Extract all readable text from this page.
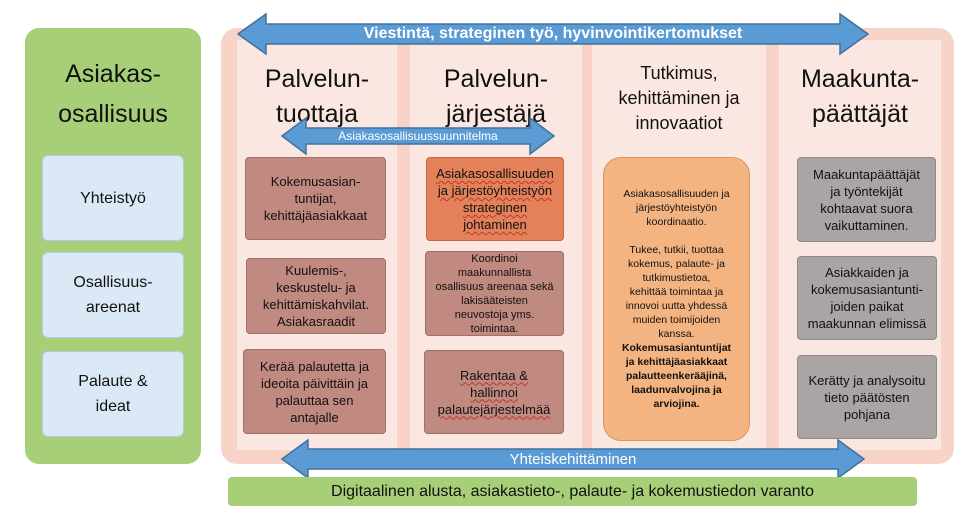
Asiakas-
osallisuus
Yhteistyö
Osallisuus-
areenat
Palaute &
ideat
Palvelun-
tuottaja
Palvelun-
järjestäjä
Tutkimus,
kehittäminen ja
innovaatiot
Maakunta-
päättäjät
Viestintä, strateginen työ, hyvinvointikertomukset
Asiakasosallisuussuunnitelma
Kokemusasian-
tuntijat,
kehittäjäasiakkaat
Kuulemis-,
keskustelu- ja
kehittämiskahvilat.
Asiakasraadit
Kerää palautetta ja
ideoita päivittäin ja
palauttaa sen
antajalle
Asiakasosallisuuden
ja järjestöyhteistyön
strateginen
johtaminen
Koordinoi
maakunnallista
osallisuus areenaa sekä
lakisääteisten
neuvostoja yms.
toimintaa.
Rakentaa &
hallinnoi
palautejärjestelmää
Asiakasosallisuuden ja
järjestöyhteistyön
koordinaatio.
Tukee, tutkii, tuottaa
kokemus, palaute- ja
tutkimustietoa,
kehittää toimintaa ja
innovoi uutta yhdessä
muiden toimijoiden
kanssa.
Kokemusasiantuntijat
ja kehittäjäasiakkaat
palautteenkerääjinä,
laadunvalvojina ja
arviojina.
Maakuntapäättäjät
ja työntekijät
kohtaavat suora
vaikuttaminen.
Asiakkaiden ja
kokemusasiantunti-
joiden paikat
maakunnan elimissä
Kerätty ja analysoitu
tieto päätösten
pohjana
Yhteiskehittäminen
Digitaalinen alusta, asiakastieto-, palaute- ja kokemustiedon varanto
